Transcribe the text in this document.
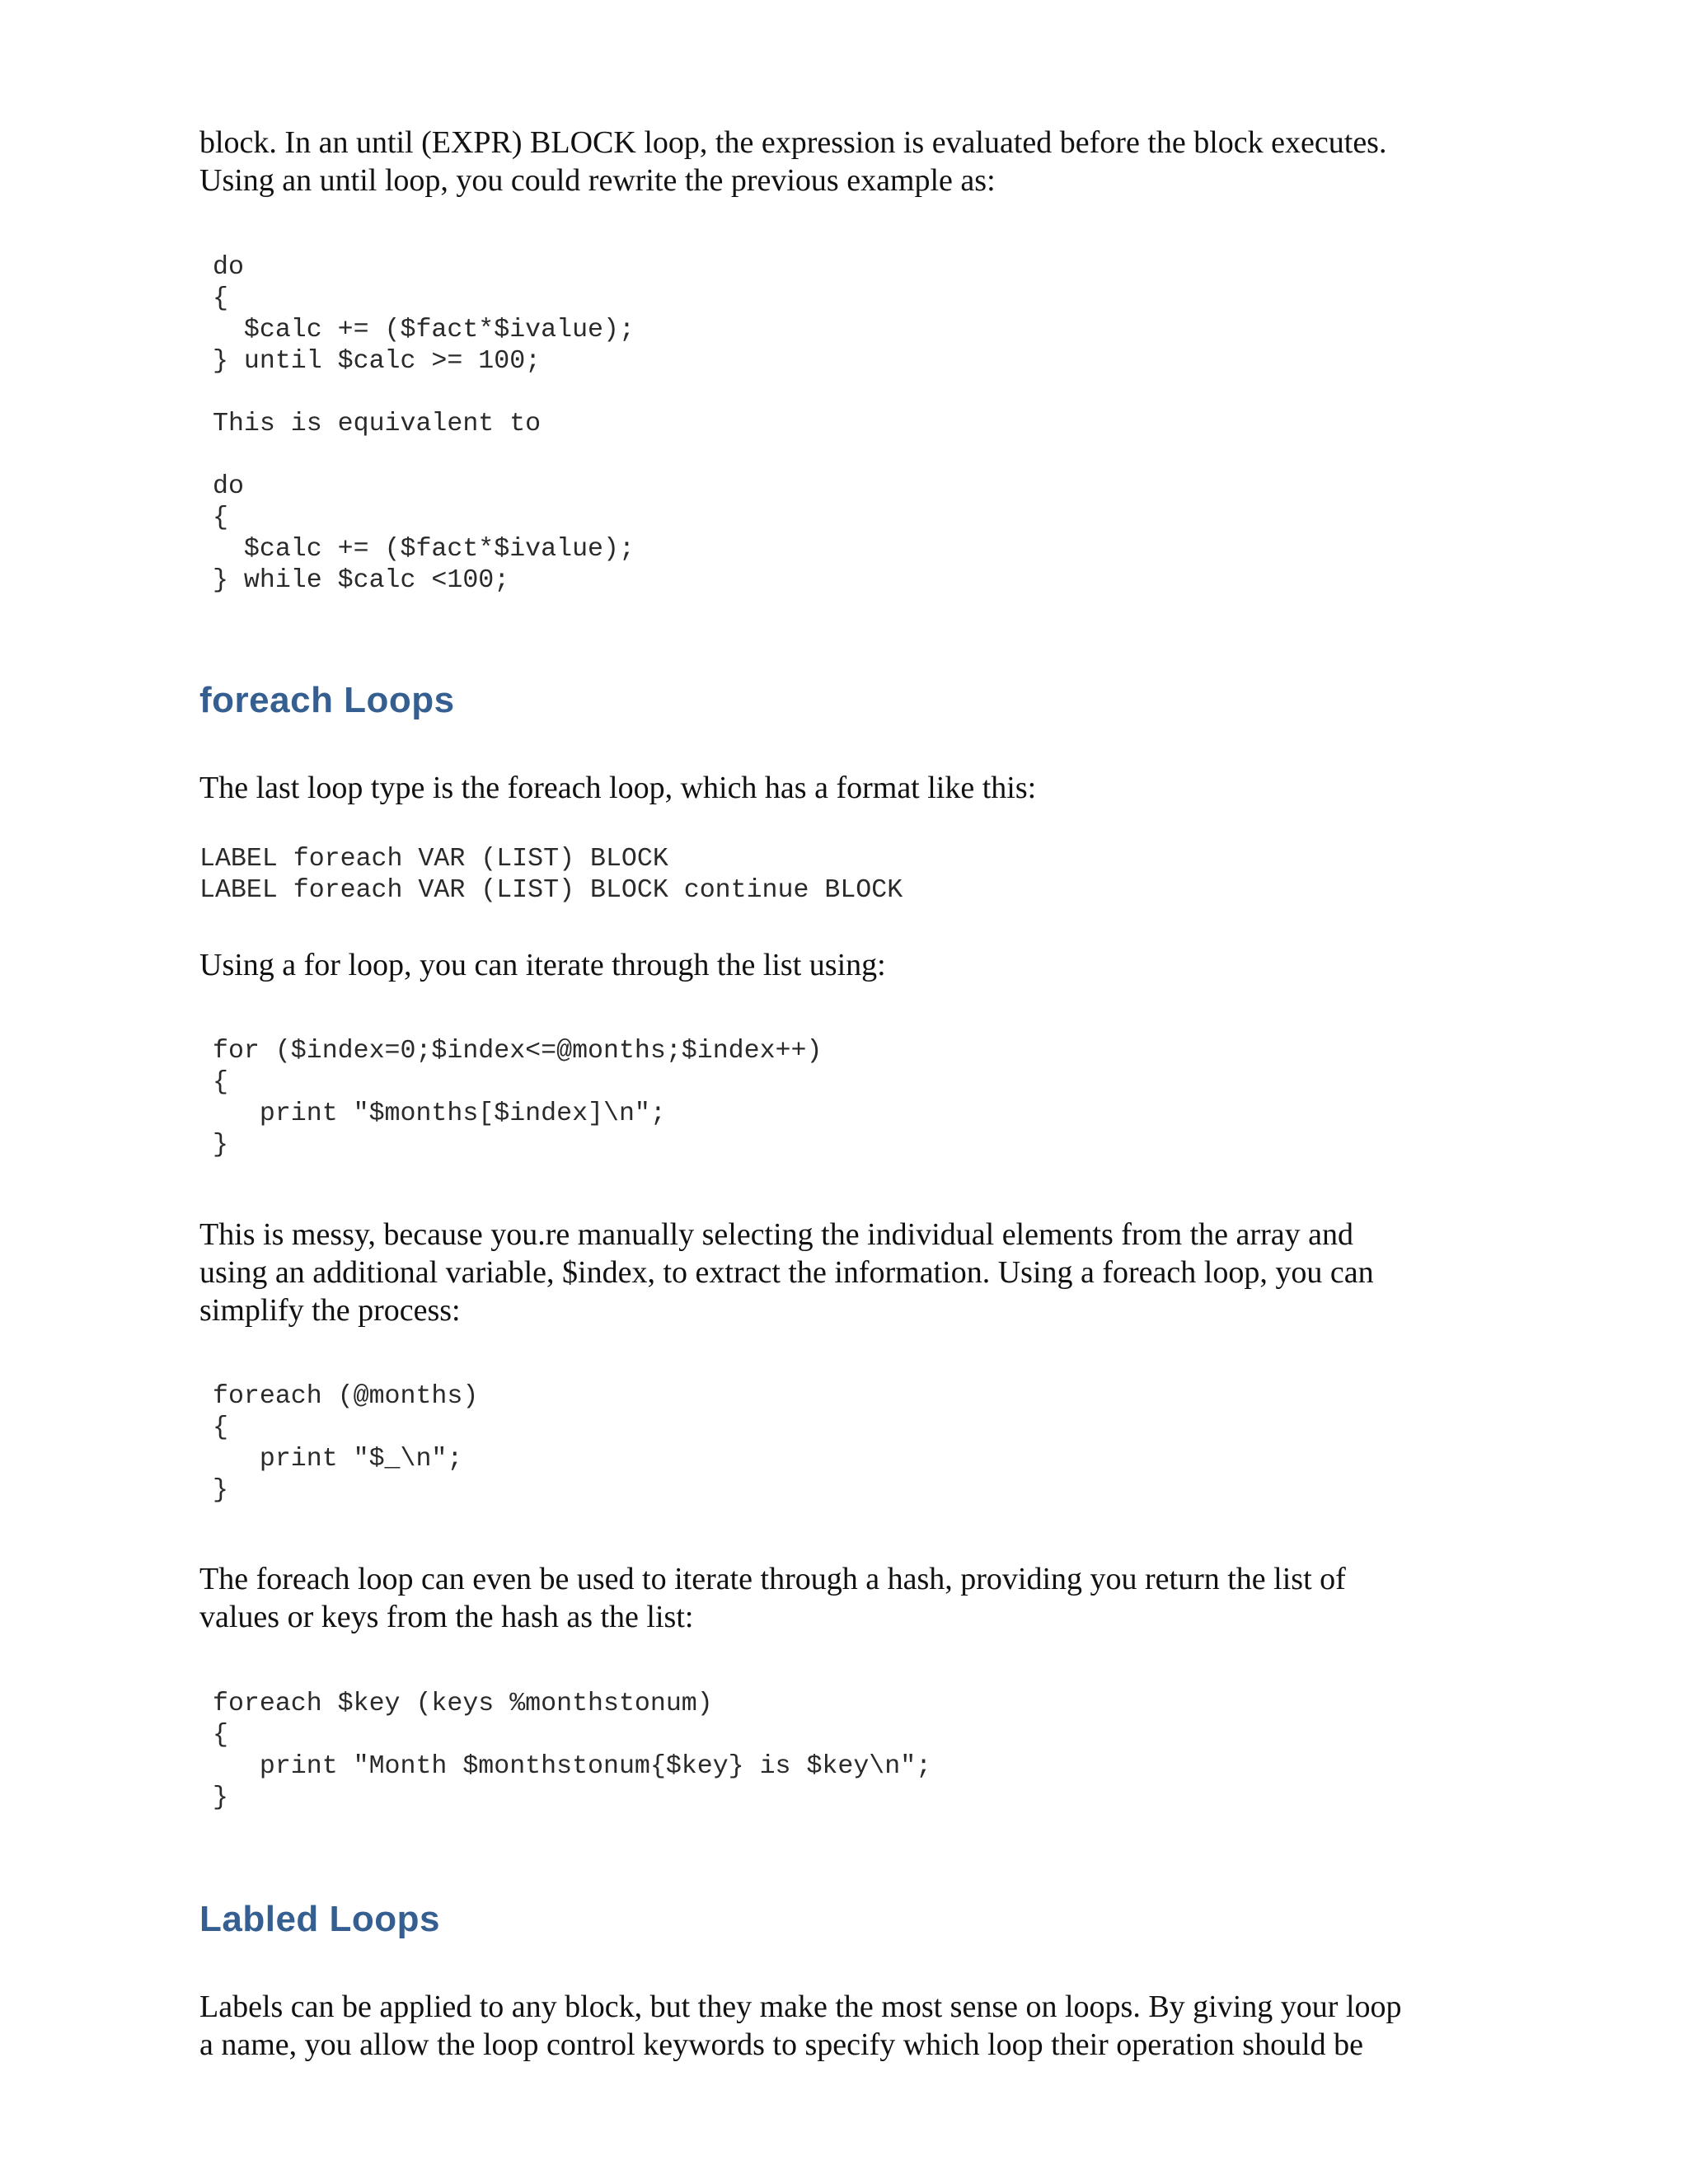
block. In an until (EXPR) BLOCK loop, the expression is evaluated before the block executes.
Using an until loop, you could rewrite the previous example as:

do
{
$calc += ($fact*$ivalue);
} until $calc >= 100;

This is equivalent to

do
{
$calc += ($fact*$ivalue);
} while $calc <100;
foreach Loops

The last loop type is the foreach loop, which has a format like this:

LABEL foreach VAR (LIST) BLOCK
LABEL foreach VAR (LIST) BLOCK continue BLOCK

Using a for loop, you can iterate through the list using:

for ($index=0;$index<=@months;$index++)
{
print "$months[$index]\n";
}

This is messy, because you.re manually selecting the individual elements from the array and
using an additional variable, $index, to extract the information. Using a foreach loop, you can
simplify the process:

foreach (@months)
{
print "$_\n";
}

The foreach loop can even be used to iterate through a hash, providing you return the list of
values or keys from the hash as the list:

foreach $key (keys %monthstonum)
{
print "Month $monthstonum{$key} is $key\n";
}
Labled Loops

Labels can be applied to any block, but they make the most sense on loops. By giving your loop
a name, you allow the loop control keywords to specify which loop their operation should be
